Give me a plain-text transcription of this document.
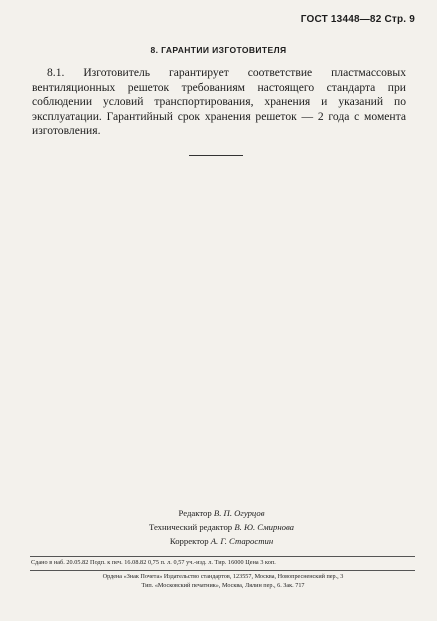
ГОСТ 13448—82 Стр. 9
8. ГАРАНТИИ ИЗГОТОВИТЕЛЯ

8.1. Изготовитель гарантирует соответствие пластмассовых вентиляционных решеток требованиям настоящего стандарта при соблюдении условий транспортирования, хранения и указаний по эксплуатации. Гарантийный срок хранения решеток — 2 года с момента изготовления.

Редактор В. П. Огурцов
Технический редактор В. Ю. Смирнова
Корректор А. Г. Старостин
Сдано в наб. 20.05.82 Подп. к печ. 16.08.82 0,75 п. л. 0,57 уч.-изд. л. Тир. 16000 Цена 3 коп.
Ордена «Знак Почета» Издательство стандартов, 123557, Москва, Новопресненский пер., 3
Тип. «Московский печатник», Москва, Лялин пер., 6. Зак. 717
